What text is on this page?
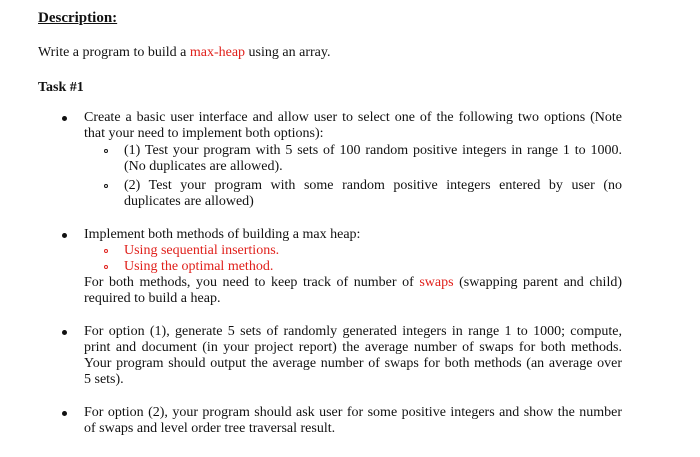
Description:
Write a program to build a max-heap using an array.
Task #1
Create a basic user interface and allow user to select one of the following two options (Note
that your need to implement both options):
(1) Test your program with 5 sets of 100 random positive integers in range 1 to 1000.
(No duplicates are allowed).
(2) Test your program with some random positive integers entered by user (no
duplicates are allowed)
Implement both methods of building a max heap:
Using sequential insertions.
Using the optimal method.
For both methods, you need to keep track of number of swaps (swapping parent and child)
required to build a heap.
For option (1), generate 5 sets of randomly generated integers in range 1 to 1000; compute,
print and document (in your project report) the average number of swaps for both methods.
Your program should output the average number of swaps for both methods (an average over
5 sets).
For option (2), your program should ask user for some positive integers and show the number
of swaps and level order tree traversal result.
